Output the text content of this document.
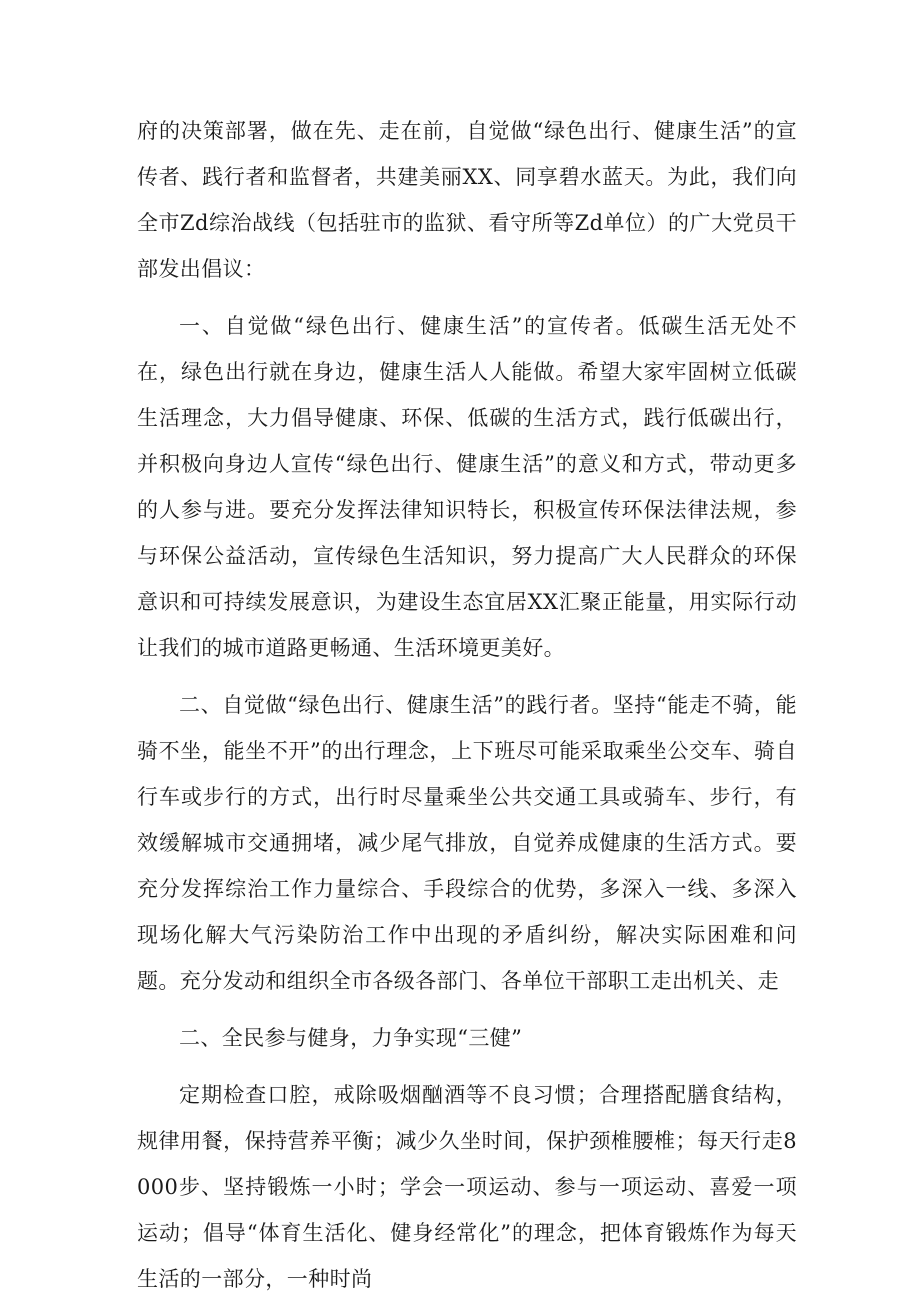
府的决策部署，做在先、走在前，自觉做“绿色出行、健康生活”的宣传者、践行者和监督者，共建美丽XX、同享碧水蓝天。为此，我们向全市Zd综治战线（包括驻市的监狱、看守所等Zd单位）的广大党员干部发出倡议：

一、自觉做“绿色出行、健康生活”的宣传者。低碳生活无处不在，绿色出行就在身边，健康生活人人能做。希望大家牢固树立低碳生活理念，大力倡导健康、环保、低碳的生活方式，践行低碳出行，并积极向身边人宣传“绿色出行、健康生活”的意义和方式，带动更多的人参与进。要充分发挥法律知识特长，积极宣传环保法律法规，参与环保公益活动，宣传绿色生活知识，努力提高广大人民群众的环保意识和可持续发展意识，为建设生态宜居XX汇聚正能量，用实际行动让我们的城市道路更畅通、生活环境更美好。

二、自觉做“绿色出行、健康生活”的践行者。坚持“能走不骑，能骑不坐，能坐不开”的出行理念，上下班尽可能采取乘坐公交车、骑自行车或步行的方式，出行时尽量乘坐公共交通工具或骑车、步行，有效缓解城市交通拥堵，减少尾气排放，自觉养成健康的生活方式。要充分发挥综治工作力量综合、手段综合的优势，多深入一线、多深入现场化解大气污染防治工作中出现的矛盾纠纷，解决实际困难和问题。充分发动和组织全市各级各部门、各单位干部职工走出机关、走

二、全民参与健身，力争实现“三健”

定期检查口腔，戒除吸烟酗酒等不良习惯；合理搭配膳食结构，规律用餐，保持营养平衡；减少久坐时间，保护颈椎腰椎；每天行走8000步、坚持锻炼一小时；学会一项运动、参与一项运动、喜爱一项运动；倡导“体育生活化、健身经常化”的理念，把体育锻炼作为每天生活的一部分，一种时尚
